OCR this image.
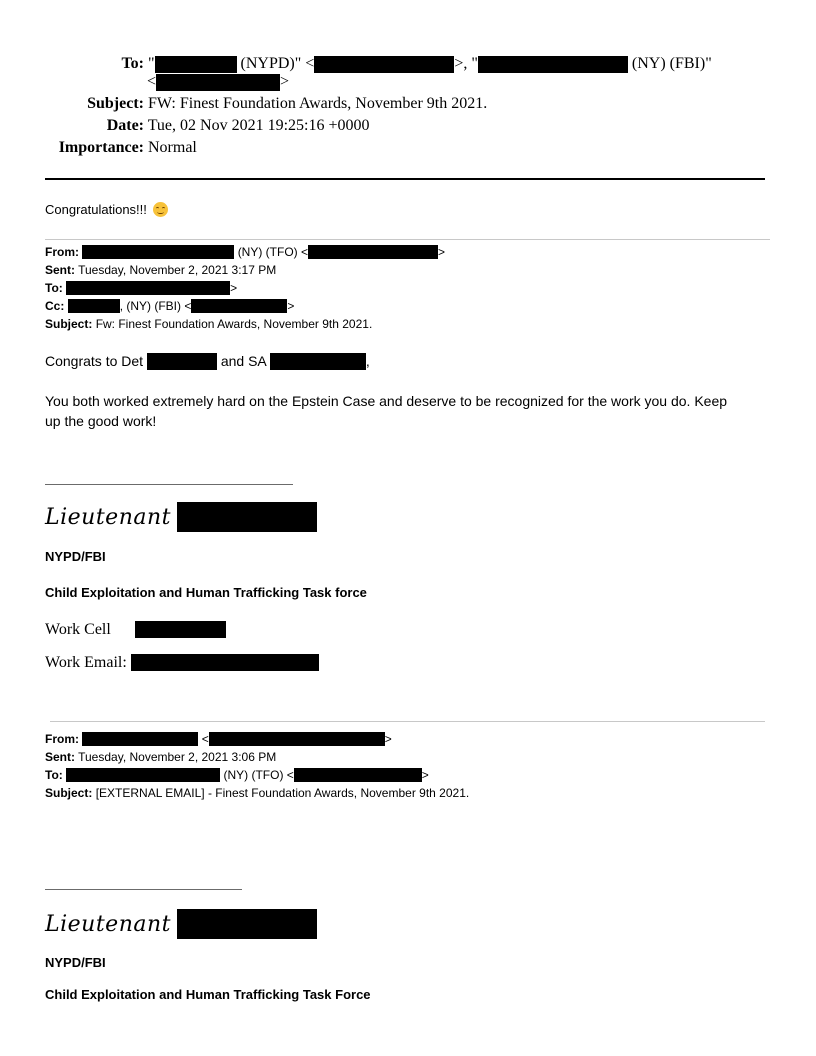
To: "	(NYPD)" <	>, "	(NY) (FBI)"
<	>
Subject: FW: Finest Foundation Awards, November 9th 2021.
Date: Tue, 02 Nov 2021 19:25:16 +0000
Importance: Normal
Congratulations!!!
From:	(NY) (TFO) <	>
Sent: Tuesday, November 2, 2021 3:17 PM
To:	>
Cc:	, (NY) (FBI) <	>
Subject: Fw: Finest Foundation Awards, November 9th 2021.
Congrats to Det	and SA	,
You both worked extremely hard on the Epstein Case and deserve to be recognized for the work you do. Keep
up the good work!
Lieutenant
NYPD/FBI
Child Exploitation and Human Trafficking Task force
Work Cell
Work Email:
From:	<	>
Sent: Tuesday, November 2, 2021 3:06 PM
To:	(NY) (TFO) <	>
Subject: [EXTERNAL EMAIL] - Finest Foundation Awards, November 9th 2021.
Lieutenant
NYPD/FBI
Child Exploitation and Human Trafficking Task Force
